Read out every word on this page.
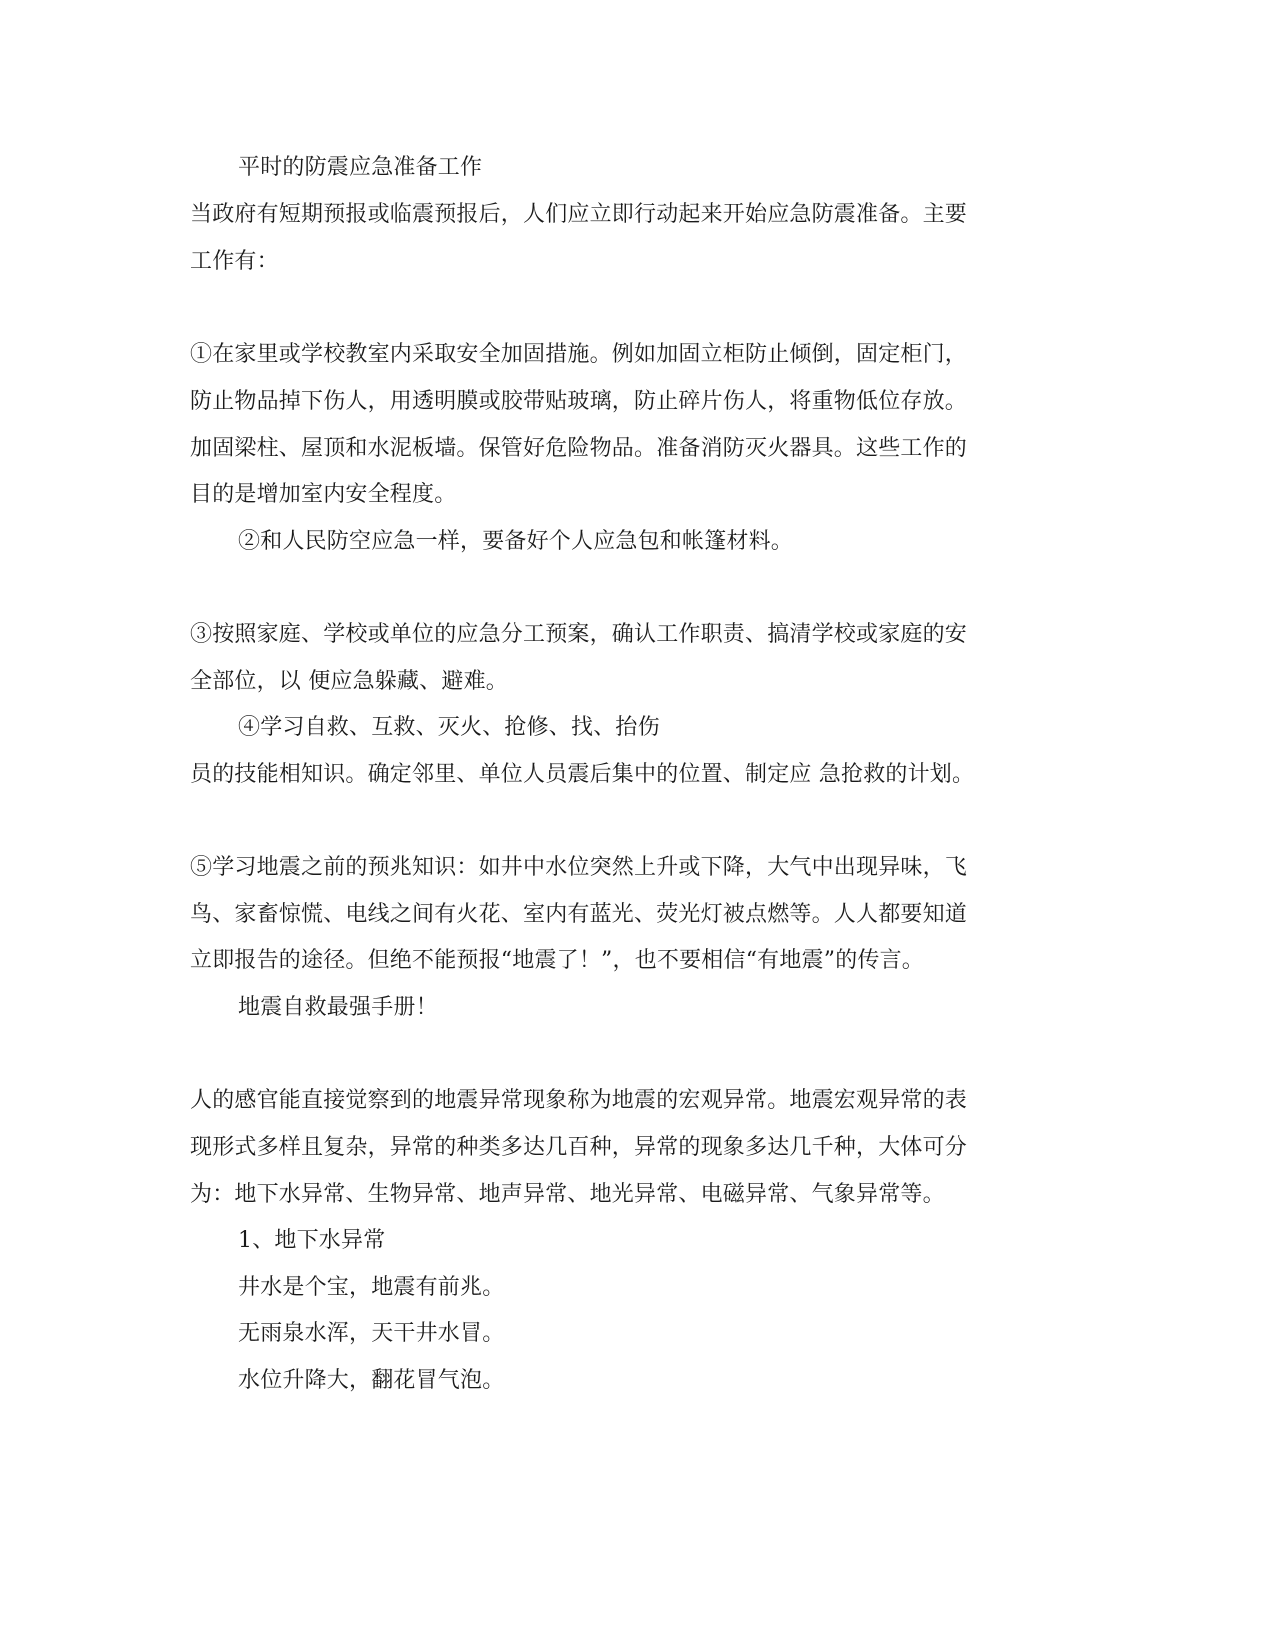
平时的防震应急准备工作
当政府有短期预报或临震预报后，人们应立即行动起来开始应急防震准备。主要
工作有：
①在家里或学校教室内采取安全加固措施。例如加固立柜防止倾倒，固定柜门，
防止物品掉下伤人，用透明膜或胶带贴玻璃，防止碎片伤人，将重物低位存放。
加固梁柱、屋顶和水泥板墙。保管好危险物品。准备消防灭火器具。这些工作的
目的是增加室内安全程度。
②和人民防空应急一样，要备好个人应急包和帐篷材料。
③按照家庭、学校或单位的应急分工预案，确认工作职责、搞清学校或家庭的安
全部位，以 便应急躲藏、避难。
④学习自救、互救、灭火、抢修、找、抬伤
员的技能相知识。确定邻里、单位人员震后集中的位置、制定应 急抢救的计划。
⑤学习地震之前的预兆知识：如井中水位突然上升或下降，大气中出现异味，飞
鸟、家畜惊慌、电线之间有火花、室内有蓝光、荧光灯被点燃等。人人都要知道
立即报告的途径。但绝不能预报“地震了！”，也不要相信“有地震”的传言。
地震自救最强手册！
人的感官能直接觉察到的地震异常现象称为地震的宏观异常。地震宏观异常的表
现形式多样且复杂，异常的种类多达几百种，异常的现象多达几千种，大体可分
为：地下水异常、生物异常、地声异常、地光异常、电磁异常、气象异常等。
1、地下水异常
井水是个宝，地震有前兆。
无雨泉水浑，天干井水冒。
水位升降大，翻花冒气泡。
